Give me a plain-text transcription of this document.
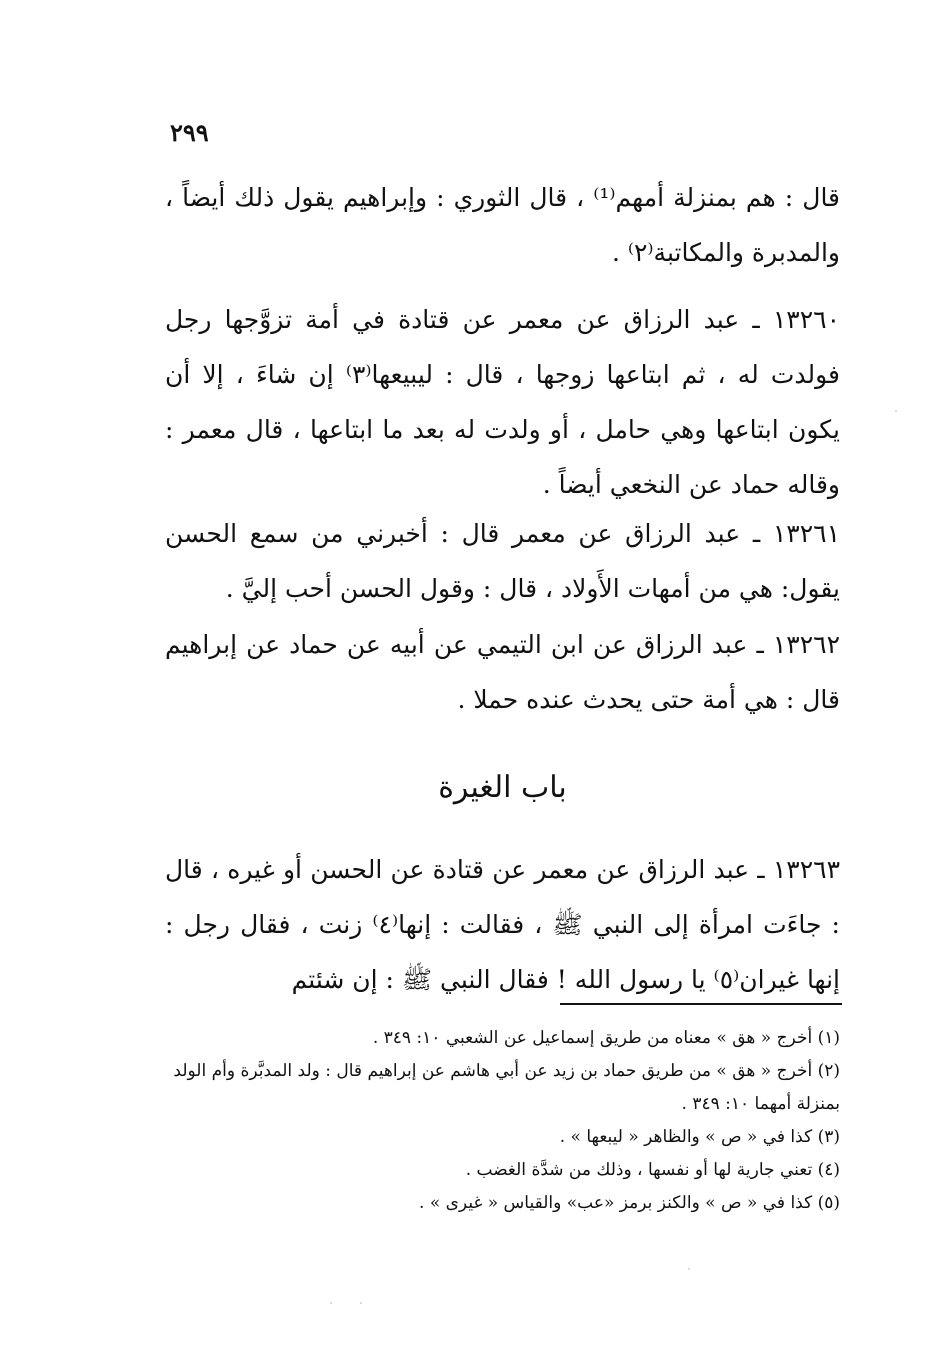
٢٩٩
قال : هم بمنزلة أمهم⁽¹⁾ ، قال الثوري : وإبراهيم يقول ذلك أيضاً ، والمدبرة والمكاتبة⁽٢⁾ .
١٣٢٦٠ ـ عبد الرزاق عن معمر عن قتادة في أمة تزوَّجها رجل فولدت له ، ثم ابتاعها زوجها ، قال : ليبيعها⁽٣⁾ إن شاءَ ، إلا أن يكون ابتاعها وهي حامل ، أو ولدت له بعد ما ابتاعها ، قال معمر : وقاله حماد عن النخعي أيضاً .
١٣٢٦١ ـ عبد الرزاق عن معمر قال : أخبرني من سمع الحسن يقول: هي من أمهات الأَولاد ، قال : وقول الحسن أحب إليَّ .
١٣٢٦٢ ـ عبد الرزاق عن ابن التيمي عن أبيه عن حماد عن إبراهيم قال : هي أمة حتى يحدث عنده حملا .
باب الغيرة
١٣٢٦٣ ـ عبد الرزاق عن معمر عن قتادة عن الحسن أو غيره ، قال : جاءَت امرأة إلى النبي ﷺ ، فقالت : إنها⁽٤⁾ زنت ، فقال رجل : إنها غيران⁽٥⁾ يا رسول الله ! فقال النبي ﷺ : إن شئتم
(١) أخرج « هق » معناه من طريق إسماعيل عن الشعبي ١٠: ٣٤٩ .
(٢) أخرج « هق » من طريق حماد بن زيد عن أبي هاشم عن إبراهيم قال : ولد المدبَّرة وأم الولد بمنزلة أمهما ١٠: ٣٤٩ .
(٣) كذا في « ص » والظاهر « ليبعها » .
(٤) تعني جارية لها أو نفسها ، وذلك من شدَّة الغضب .
(٥) كذا في « ص » والكنز برمز «عب» والقياس « غيرى » .
